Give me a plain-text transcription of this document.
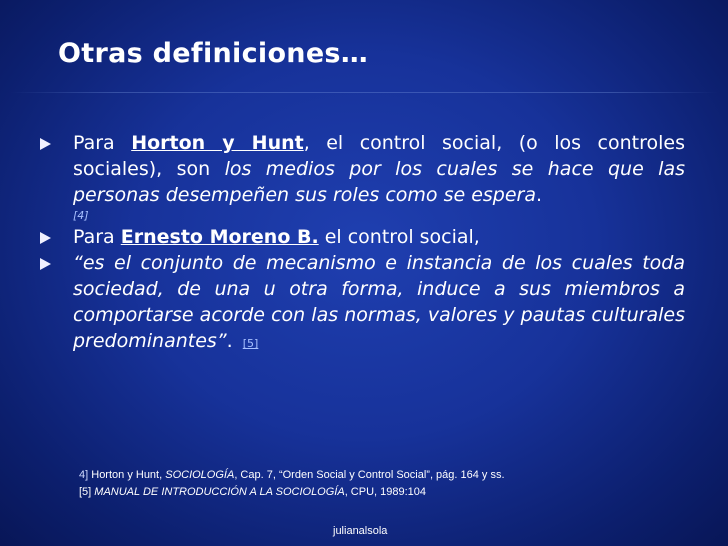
Otras definiciones…
Para Horton y Hunt, el control social, (o los controles sociales), son los medios por los cuales se hace que las personas desempeñen sus roles como se espera.
[4]
Para Ernesto Moreno B. el control social,
“es el conjunto de mecanismo e instancia de los cuales toda sociedad, de una u otra forma, induce a sus miembros a comportarse acorde con las normas, valores y pautas culturales predominantes”. [5]
4] Horton y Hunt, SOCIOLOGÍA, Cap. 7, “Orden Social y Control Social”, pág. 164 y ss.
[5] MANUAL DE INTRODUCCIÓN A LA SOCIOLOGÍA, CPU, 1989:104
julianalsola
